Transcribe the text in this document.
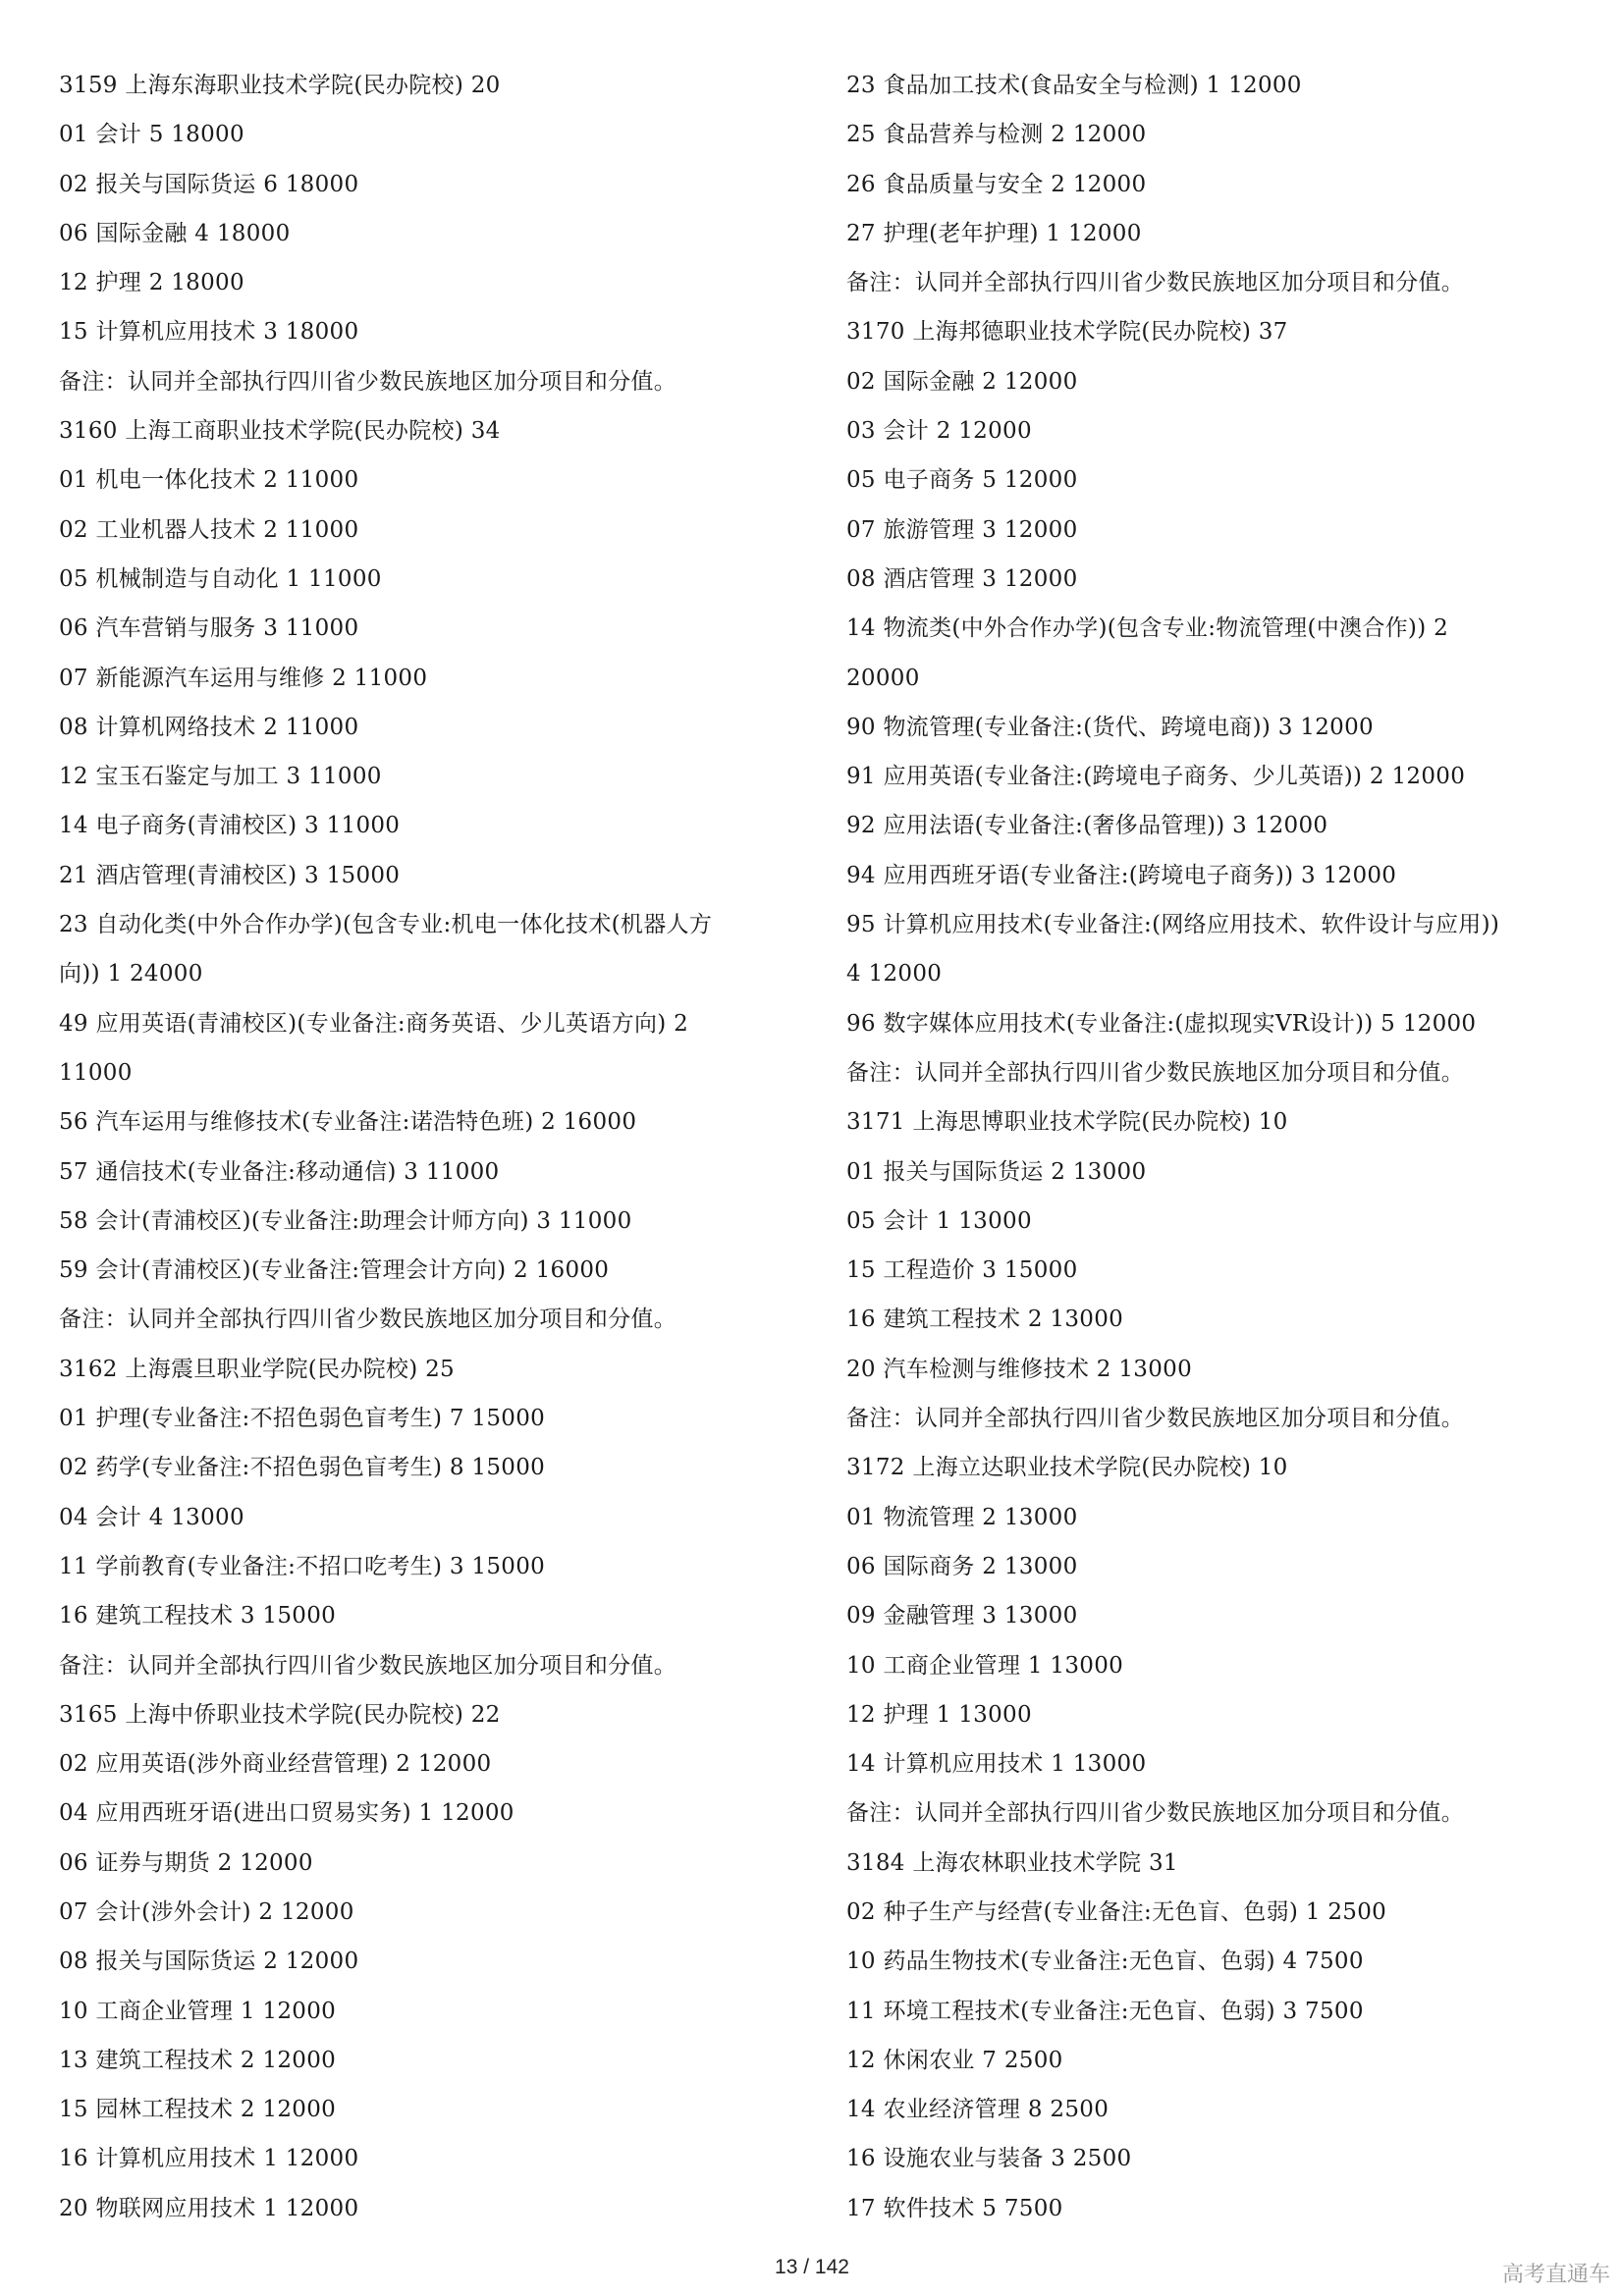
3159 上海东海职业技术学院(民办院校) 20
01 会计 5 18000
02 报关与国际货运 6 18000
06 国际金融 4 18000
12 护理 2 18000
15 计算机应用技术 3 18000
备注：认同并全部执行四川省少数民族地区加分项目和分值。
3160 上海工商职业技术学院(民办院校) 34
01 机电一体化技术 2 11000
02 工业机器人技术 2 11000
05 机械制造与自动化 1 11000
06 汽车营销与服务 3 11000
07 新能源汽车运用与维修 2 11000
08 计算机网络技术 2 11000
12 宝玉石鉴定与加工 3 11000
14 电子商务(青浦校区) 3 11000
21 酒店管理(青浦校区) 3 15000
23 自动化类(中外合作办学)(包含专业:机电一体化技术(机器人方
向)) 1 24000
49 应用英语(青浦校区)(专业备注:商务英语、少儿英语方向) 2
11000
56 汽车运用与维修技术(专业备注:诺浩特色班) 2 16000
57 通信技术(专业备注:移动通信) 3 11000
58 会计(青浦校区)(专业备注:助理会计师方向) 3 11000
59 会计(青浦校区)(专业备注:管理会计方向) 2 16000
备注：认同并全部执行四川省少数民族地区加分项目和分值。
3162 上海震旦职业学院(民办院校) 25
01 护理(专业备注:不招色弱色盲考生) 7 15000
02 药学(专业备注:不招色弱色盲考生) 8 15000
04 会计 4 13000
11 学前教育(专业备注:不招口吃考生) 3 15000
16 建筑工程技术 3 15000
备注：认同并全部执行四川省少数民族地区加分项目和分值。
3165 上海中侨职业技术学院(民办院校) 22
02 应用英语(涉外商业经营管理) 2 12000
04 应用西班牙语(进出口贸易实务) 1 12000
06 证券与期货 2 12000
07 会计(涉外会计) 2 12000
08 报关与国际货运 2 12000
10 工商企业管理 1 12000
13 建筑工程技术 2 12000
15 园林工程技术 2 12000
16 计算机应用技术 1 12000
20 物联网应用技术 1 12000
23 食品加工技术(食品安全与检测) 1 12000
25 食品营养与检测 2 12000
26 食品质量与安全 2 12000
27 护理(老年护理) 1 12000
备注：认同并全部执行四川省少数民族地区加分项目和分值。
3170 上海邦德职业技术学院(民办院校) 37
02 国际金融 2 12000
03 会计 2 12000
05 电子商务 5 12000
07 旅游管理 3 12000
08 酒店管理 3 12000
14 物流类(中外合作办学)(包含专业:物流管理(中澳合作)) 2
20000
90 物流管理(专业备注:(货代、跨境电商)) 3 12000
91 应用英语(专业备注:(跨境电子商务、少儿英语)) 2 12000
92 应用法语(专业备注:(奢侈品管理)) 3 12000
94 应用西班牙语(专业备注:(跨境电子商务)) 3 12000
95 计算机应用技术(专业备注:(网络应用技术、软件设计与应用))
4 12000
96 数字媒体应用技术(专业备注:(虚拟现实VR设计)) 5 12000
备注：认同并全部执行四川省少数民族地区加分项目和分值。
3171 上海思博职业技术学院(民办院校) 10
01 报关与国际货运 2 13000
05 会计 1 13000
15 工程造价 3 15000
16 建筑工程技术 2 13000
20 汽车检测与维修技术 2 13000
备注：认同并全部执行四川省少数民族地区加分项目和分值。
3172 上海立达职业技术学院(民办院校) 10
01 物流管理 2 13000
06 国际商务 2 13000
09 金融管理 3 13000
10 工商企业管理 1 13000
12 护理 1 13000
14 计算机应用技术 1 13000
备注：认同并全部执行四川省少数民族地区加分项目和分值。
3184 上海农林职业技术学院 31
02 种子生产与经营(专业备注:无色盲、色弱) 1 2500
10 药品生物技术(专业备注:无色盲、色弱) 4 7500
11 环境工程技术(专业备注:无色盲、色弱) 3 7500
12 休闲农业 7 2500
14 农业经济管理 8 2500
16 设施农业与装备 3 2500
17 软件技术 5 7500
13 / 142	高考直通车
